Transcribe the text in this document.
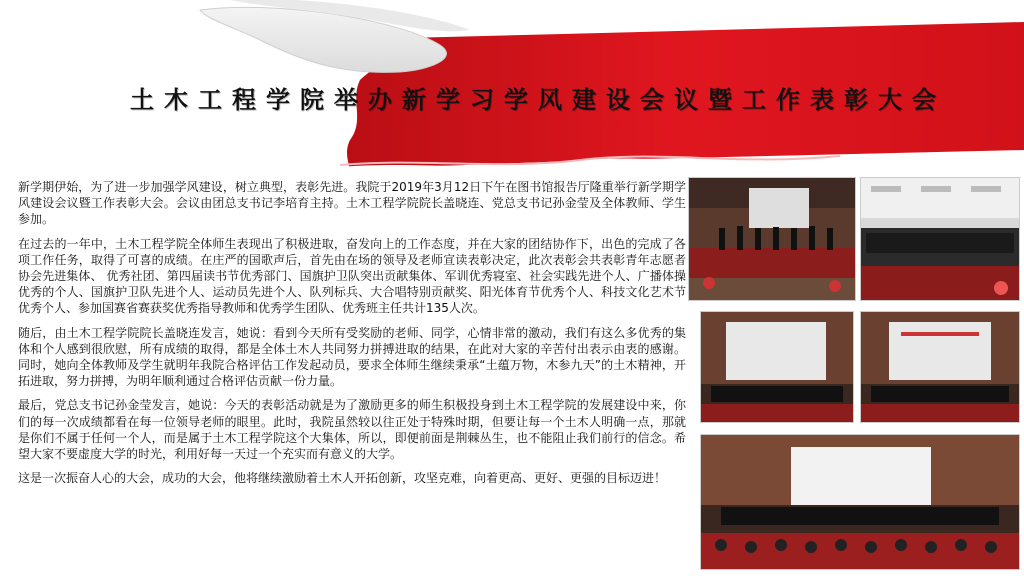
土木工程学院举办新学习学风建设会议暨工作表彰大会

新学期伊始，为了进一步加强学风建设，树立典型，表彰先进。我院于2019年3月12日下午在图书馆报告厅隆重举行新学期学风建设会议暨工作表彰大会。会议由团总支书记李培育主持。土木工程学院院长盖晓连、党总支书记孙金莹及全体教师、学生参加。

在过去的一年中，土木工程学院全体师生表现出了积极进取，奋发向上的工作态度，并在大家的团结协作下，出色的完成了各项工作任务，取得了可喜的成绩。在庄严的国歌声后，首先由在场的领导及老师宣读表彰决定，此次表彰会共表彰青年志愿者协会先进集体、 优秀社团、第四届读书节优秀部门、国旗护卫队突出贡献集体、军训优秀寝室、社会实践先进个人、广播体操优秀的个人、国旗护卫队先进个人、运动员先进个人、队列标兵、大合唱特别贡献奖、阳光体育节优秀个人、科技文化艺术节优秀个人、参加国赛省赛获奖优秀指导教师和优秀学生团队、优秀班主任共计135人次。

随后，由土木工程学院院长盖晓连发言，她说：看到今天所有受奖励的老师、同学，心情非常的激动，我们有这么多优秀的集体和个人感到很欣慰，所有成绩的取得，都是全体土木人共同努力拼搏进取的结果，在此对大家的辛苦付出表示由衷的感谢。同时，她向全体教师及学生就明年我院合格评估工作发起动员，要求全体师生继续秉承“土蕴万物，木参九天”的土木精神，开拓进取，努力拼搏，为明年顺利通过合格评估贡献一份力量。

最后，党总支书记孙金莹发言，她说：今天的表彰活动就是为了激励更多的师生积极投身到土木工程学院的发展建设中来，你们的每一次成绩都看在每一位领导老师的眼里。此时，我院虽然较以往正处于特殊时期，但要让每一个土木人明确一点，那就是你们不属于任何一个人，而是属于土木工程学院这个大集体，所以，即便前面是荆棘丛生，也不能阻止我们前行的信念。希望大家不要虚度大学的时光，利用好每一天过一个充实而有意义的大学。

这是一次振奋人心的大会，成功的大会，他将继续激励着土木人开拓创新，攻坚克难，向着更高、更好、更强的目标迈进！
